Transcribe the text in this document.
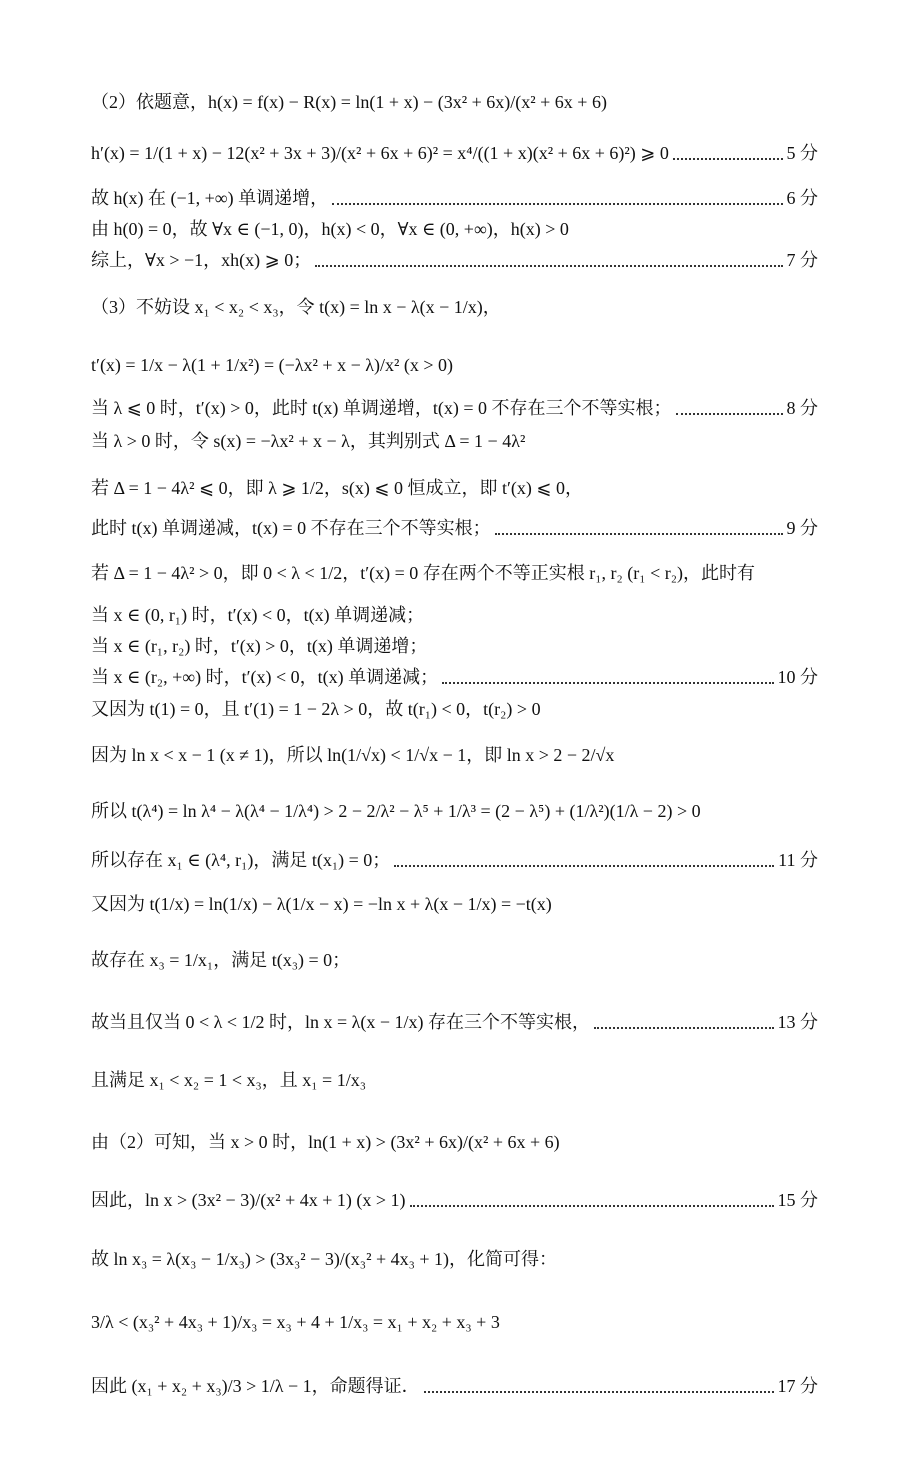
（2）依题意，h(x) = f(x) − R(x) = ln(1 + x) − (3x² + 6x)/(x² + 6x + 6)
h′(x) = 1/(1 + x) − 12(x² + 3x + 3)/(x² + 6x + 6)² = x⁴/((1 + x)(x² + 6x + 6)²) ⩾ 0	5 分
故 h(x) 在 (−1, +∞) 单调递增，	6 分
由 h(0) = 0，故 ∀x ∈ (−1, 0)，h(x) < 0，∀x ∈ (0, +∞)，h(x) > 0
综上，∀x > −1，xh(x) ⩾ 0；	7 分
（3）不妨设 x₁ < x₂ < x₃，令 t(x) = ln x − λ(x − 1/x)，
t′(x) = 1/x − λ(1 + 1/x²) = (−λx² + x − λ)/x² (x > 0)
当 λ ⩽ 0 时，t′(x) > 0，此时 t(x) 单调递增，t(x) = 0 不存在三个不等实根；	8 分
当 λ > 0 时，令 s(x) = −λx² + x − λ，其判别式 Δ = 1 − 4λ²
若 Δ = 1 − 4λ² ⩽ 0，即 λ ⩾ 1/2，s(x) ⩽ 0 恒成立，即 t′(x) ⩽ 0，
此时 t(x) 单调递减，t(x) = 0 不存在三个不等实根；	9 分
若 Δ = 1 − 4λ² > 0，即 0 < λ < 1/2，t′(x) = 0 存在两个不等正实根 r₁, r₂ (r₁ < r₂)，此时有
当 x ∈ (0, r₁) 时，t′(x) < 0，t(x) 单调递减；
当 x ∈ (r₁, r₂) 时，t′(x) > 0，t(x) 单调递增；
当 x ∈ (r₂, +∞) 时，t′(x) < 0，t(x) 单调递减；	10 分
又因为 t(1) = 0，且 t′(1) = 1 − 2λ > 0，故 t(r₁) < 0，t(r₂) > 0
因为 ln x < x − 1 (x ≠ 1)，所以 ln(1/√x) < 1/√x − 1，即 ln x > 2 − 2/√x
所以 t(λ⁴) = ln λ⁴ − λ(λ⁴ − 1/λ⁴) > 2 − 2/λ² − λ⁵ + 1/λ³ = (2 − λ⁵) + (1/λ²)(1/λ − 2) > 0
所以存在 x₁ ∈ (λ⁴, r₁)，满足 t(x₁) = 0；	11 分
又因为 t(1/x) = ln(1/x) − λ(1/x − x) = −ln x + λ(x − 1/x) = −t(x)
故存在 x₃ = 1/x₁，满足 t(x₃) = 0；
故当且仅当 0 < λ < 1/2 时，ln x = λ(x − 1/x) 存在三个不等实根，	13 分
且满足 x₁ < x₂ = 1 < x₃，且 x₁ = 1/x₃
由（2）可知，当 x > 0 时，ln(1 + x) > (3x² + 6x)/(x² + 6x + 6)
因此，ln x > (3x² − 3)/(x² + 4x + 1) (x > 1)	15 分
故 ln x₃ = λ(x₃ − 1/x₃) > (3x₃² − 3)/(x₃² + 4x₃ + 1)，化简可得：
3/λ < (x₃² + 4x₃ + 1)/x₃ = x₃ + 4 + 1/x₃ = x₁ + x₂ + x₃ + 3
因此 (x₁ + x₂ + x₃)/3 > 1/λ − 1，命题得证．	17 分
